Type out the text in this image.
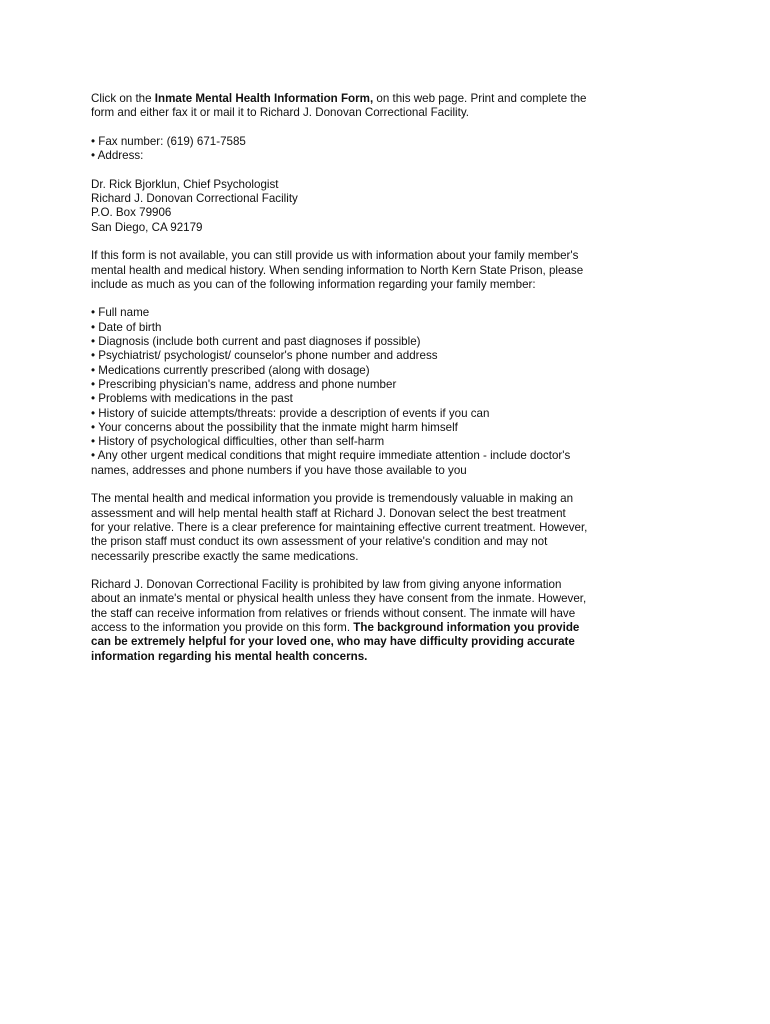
Click on the Inmate Mental Health Information Form, on this web page. Print and complete the
form and either fax it or mail it to Richard J. Donovan Correctional Facility.
• Fax number: (619) 671-7585
• Address:
Dr. Rick Bjorklun, Chief Psychologist
Richard J. Donovan Correctional Facility
P.O. Box 79906
San Diego, CA 92179
If this form is not available, you can still provide us with information about your family member's
mental health and medical history. When sending information to North Kern State Prison, please
include as much as you can of the following information regarding your family member:
• Full name
• Date of birth
• Diagnosis (include both current and past diagnoses if possible)
• Psychiatrist/ psychologist/ counselor's phone number and address
• Medications currently prescribed (along with dosage)
• Prescribing physician's name, address and phone number
• Problems with medications in the past
• History of suicide attempts/threats: provide a description of events if you can
• Your concerns about the possibility that the inmate might harm himself
• History of psychological difficulties, other than self-harm
• Any other urgent medical conditions that might require immediate attention - include doctor's
names, addresses and phone numbers if you have those available to you
The mental health and medical information you provide is tremendously valuable in making an
assessment and will help mental health staff at Richard J. Donovan select the best treatment
for your relative. There is a clear preference for maintaining effective current treatment. However,
the prison staff must conduct its own assessment of your relative's condition and may not
necessarily prescribe exactly the same medications.
Richard J. Donovan Correctional Facility is prohibited by law from giving anyone information
about an inmate's mental or physical health unless they have consent from the inmate. However,
the staff can receive information from relatives or friends without consent. The inmate will have
access to the information you provide on this form. The background information you provide
can be extremely helpful for your loved one, who may have difficulty providing accurate
information regarding his mental health concerns.
